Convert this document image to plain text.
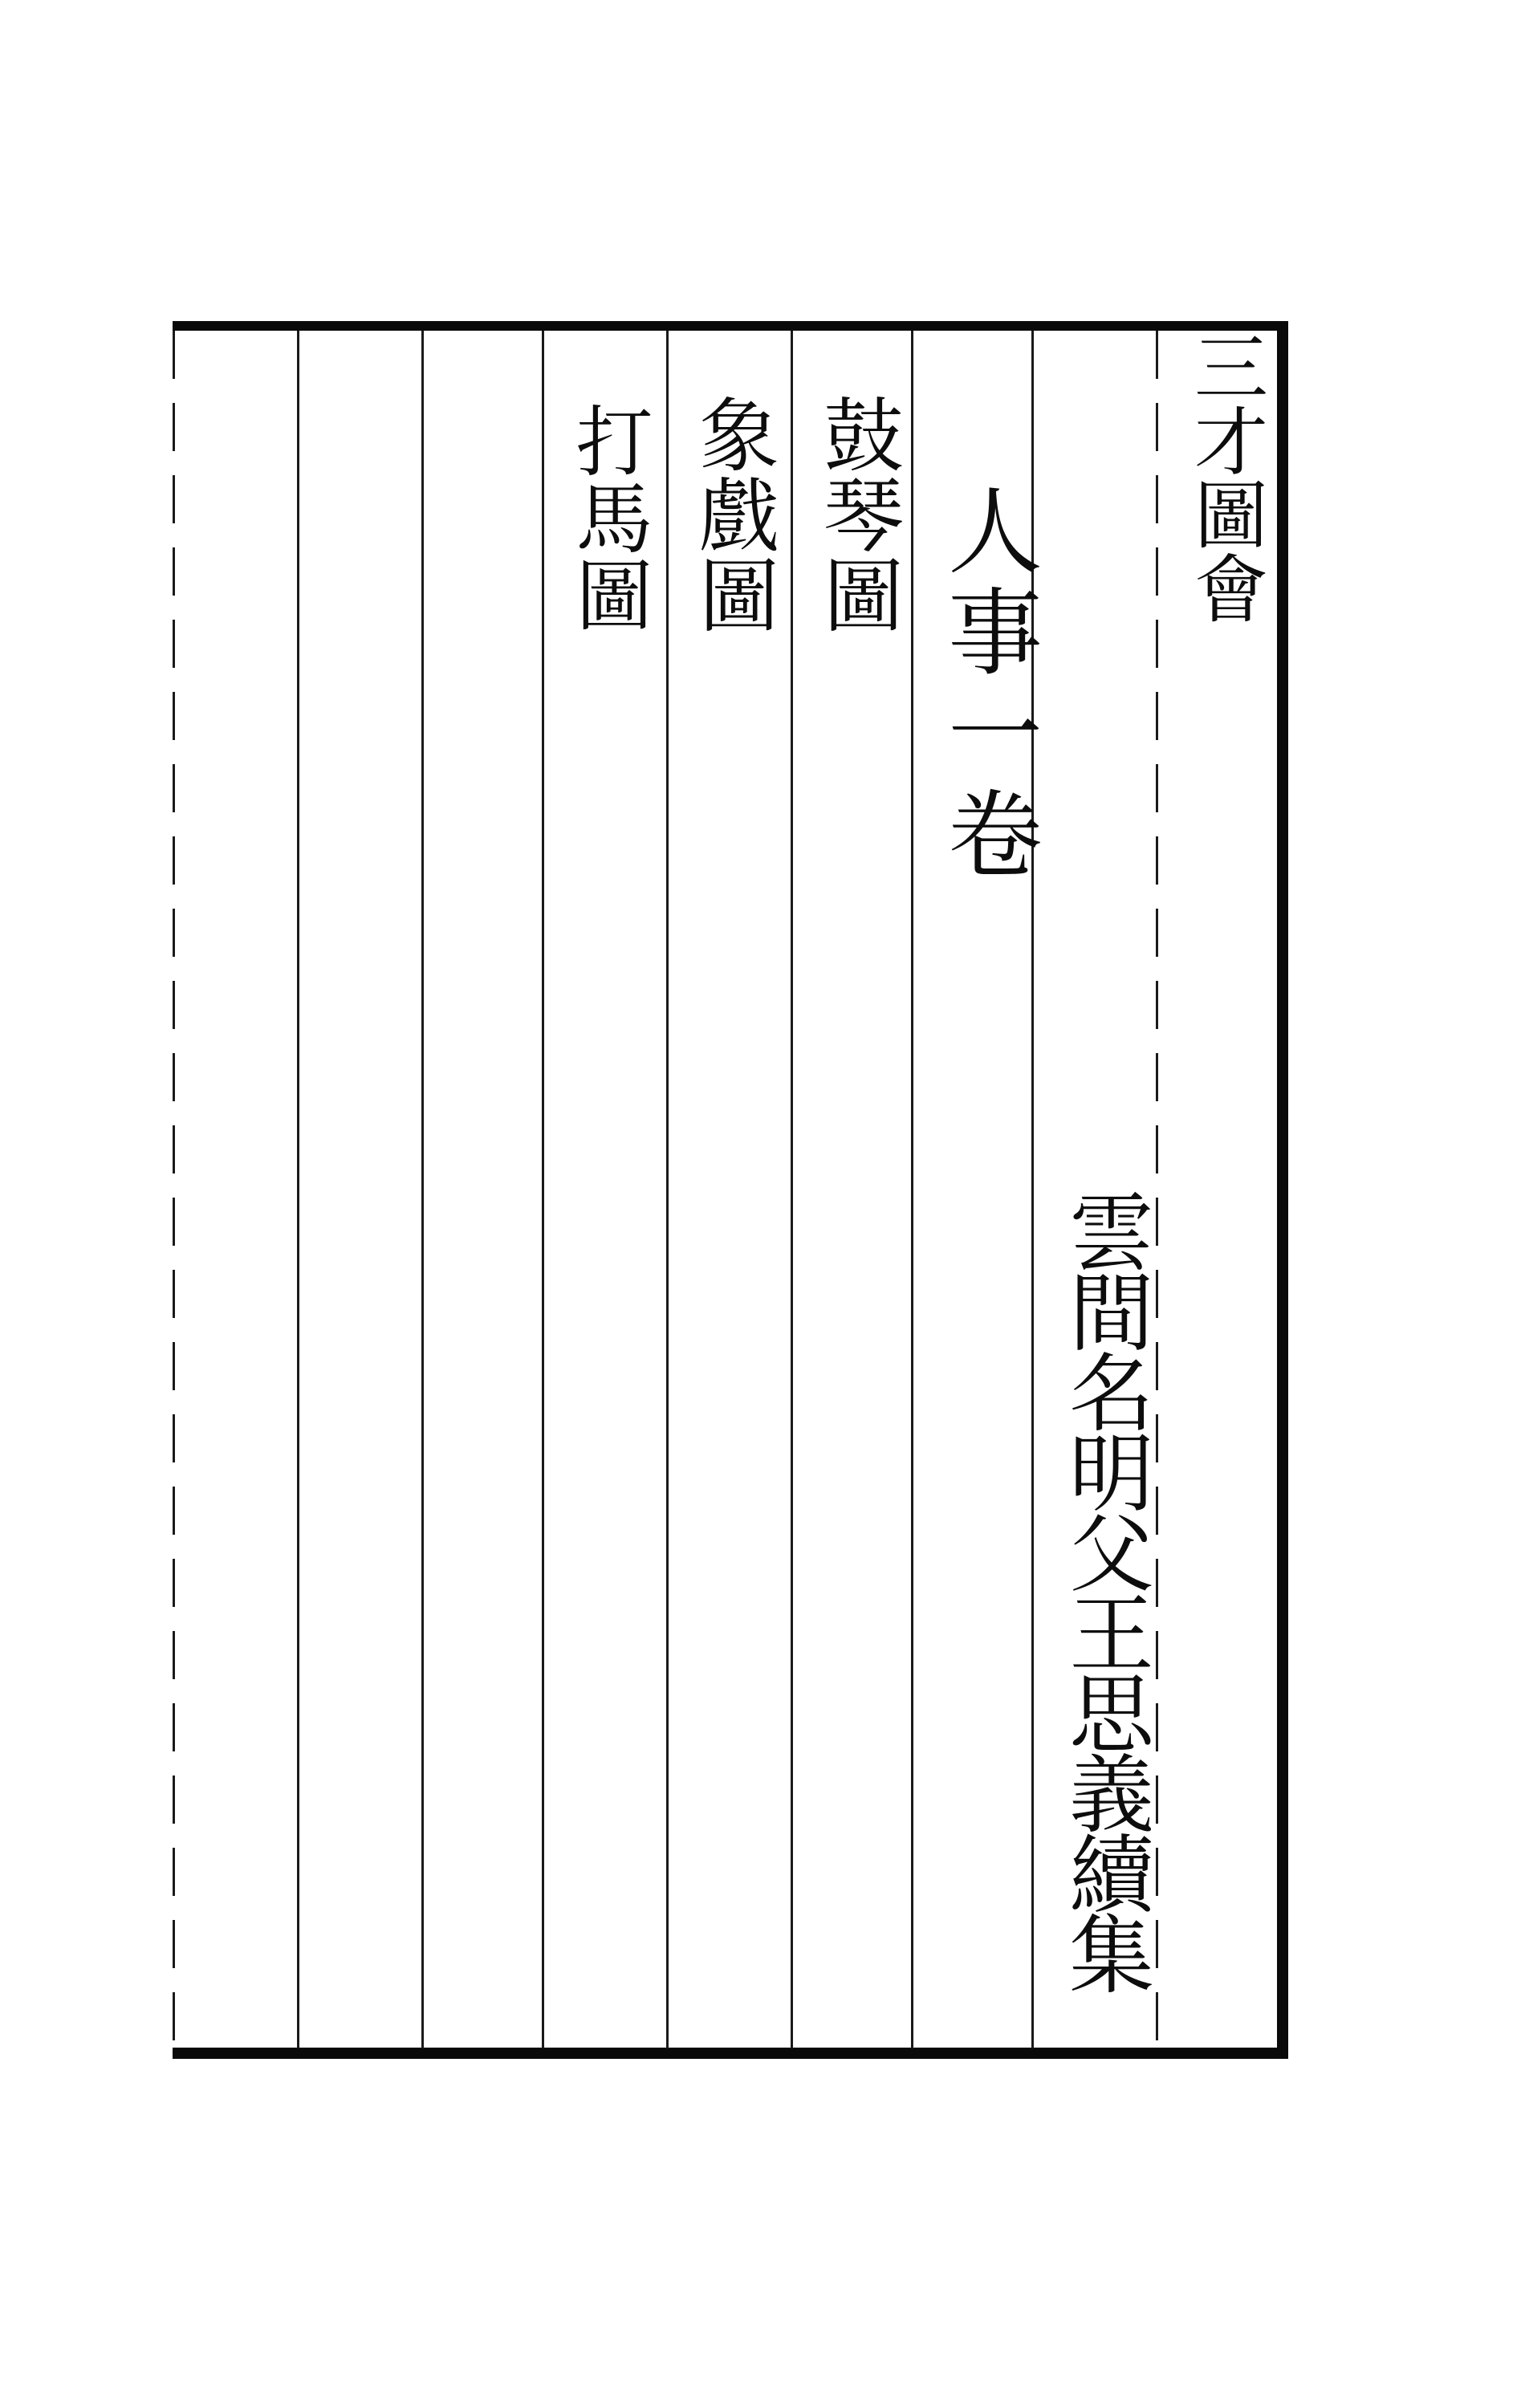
三才圖會
人事一卷
鼓琴圖
象戲圖
打馬圖
雲間名明父王思義續集
